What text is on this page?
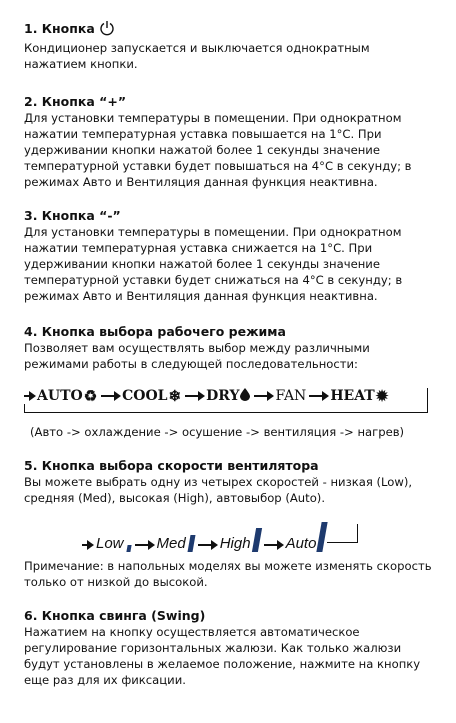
1. Кнопка

Кондиционер запускается и выключается однократным

нажатием кнопки.

2. Кнопка “+”

Для установки температуры в помещении. При однократном

нажатии температурная уставка повышается на 1°С. При

удерживании кнопки нажатой более 1 секунды значение

температурной уставки будет повышаться на 4°С в секунду; в

режимах Авто и Вентиляция данная функция неактивна.

3. Кнопка “-”

Для установки температуры в помещении. При однократном

нажатии температурная уставка снижается на 1°С. При

удерживании кнопки нажатой более 1 секунды значение

температурной уставки будет снижаться на 4°С в секунду; в

режимах Авто и Вентиляция данная функция неактивна.

4. Кнопка выбора рабочего режима

Позволяет вам осуществлять выбор между различными

режимами работы в следующей последовательности:

AUTO ♻ COOL ❄ DRY	FAN HEAT ✹

(Авто -> охлаждение -> осушение -> вентиляция -> нагрев)

5. Кнопка выбора скорости вентилятора

Вы можете выбрать одну из четырех скоростей - низкая (Low),

средняя (Med), высокая (High), автовыбор (Auto).

Low Med High Auto

Примечание: в напольных моделях вы можете изменять скорость

только от низкой до высокой.

6. Кнопка свинга (Swing)

Нажатием на кнопку осуществляется автоматическое

регулирование горизонтальных жалюзи. Как только жалюзи

будут установлены в желаемое положение, нажмите на кнопку

еще раз для их фиксации.
